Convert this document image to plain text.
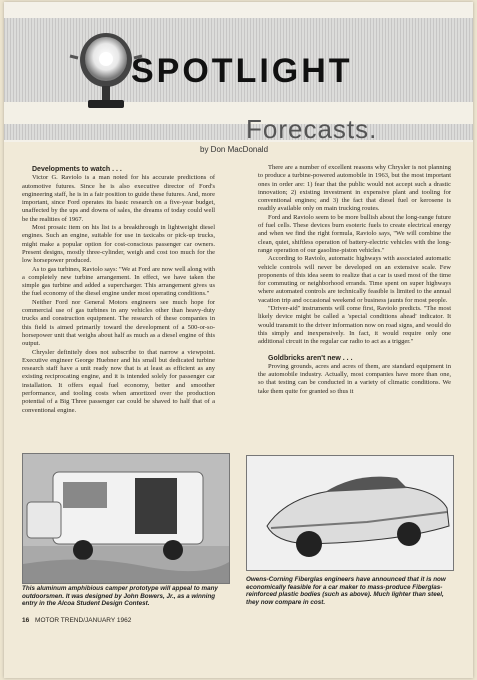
SPOTLIGHT
Forecasts.
by Don MacDonald

Developments to watch . . .

Victor G. Raviolo is a man noted for his accurate predictions of automotive futures. Since he is also executive director of Ford's engineering staff, he is in a fair position to guide these futures. And, more important, since Ford operates its basic research on a five-year budget, unaffected by the ups and downs of sales, the dreams of today could well be the realities of 1967.

Most prosaic item on his list is a breakthrough in lightweight diesel engines. Such an engine, suitable for use in taxicabs or pick-up trucks, might make a popular option for cost-conscious passenger car owners. Present designs, mostly three-cylinder, weigh and cost too much for the low horsepower produced.

As to gas turbines, Raviolo says: "We at Ford are now well along with a completely new turbine arrangement. In effect, we have taken the simple gas turbine and added a supercharger. This arrangement gives us the fuel economy of the diesel engine under most operating conditions."

Neither Ford nor General Motors engineers see much hope for commercial use of gas turbines in any vehicles other than heavy-duty trucks and construction equipment. The research of these companies in this field is aimed primarily toward the development of a 500-or-so-horsepower unit that weighs about half as much as a diesel engine of this output.

Chrysler definitely does not subscribe to that narrow a viewpoint. Executive engineer George Huebner and his small but dedicated turbine research staff have a unit ready now that is at least as efficient as any existing reciprocating engine, and it is intended solely for passenger car installation. It offers equal fuel economy, better and smoother performance, and tooling costs when amortized over the production potential of a Big Three passenger car could be shaved to half that of a conventional engine.

There are a number of excellent reasons why Chrysler is not planning to produce a turbine-powered automobile in 1963, but the most important ones in order are: 1) fear that the public would not accept such a drastic innovation; 2) existing investment in expensive plant and tooling for conventional engines; and 3) the fact that diesel fuel or kerosene is readily available only on main trucking routes.

Ford and Raviolo seem to be more bullish about the long-range future of fuel cells. These devices burn esoteric fuels to create electrical energy and when we find the right formula, Raviolo says, "We will combine the clean, quiet, shiftless operation of battery-electric vehicles with the long-range operation of our gasoline-piston vehicles."

According to Raviolo, automatic highways with associated automatic vehicle controls will never be developed on an extensive scale. Few proponents of this idea seem to realize that a car is used most of the time for commuting or neighborhood errands. Time spent on super highways where automated controls are technically feasible is limited to the annual vacation trip and occasional weekend or business jaunts for most people.

"Driver-aid" instruments will come first, Raviolo predicts. "The most likely device might be called a 'special conditions ahead' indicator. It would transmit to the driver information now on road signs, and would do this simply and inexpensively. In fact, it would require only one additional circuit in the regular car radio to act as a trigger."

Goldbricks aren't new . . .

Proving grounds, acres and acres of them, are standard equipment in the automobile industry. Actually, most companies have more than one, so that testing can be conducted in a variety of climatic conditions. We take them quite for granted so thus it

This aluminum amphibious camper prototype will appeal to many outdoorsmen. It was designed by John Bowers, Jr., as a winning entry in the Alcoa Student Design Contest.
Owens-Corning Fiberglas engineers have announced that it is now economically feasible for a car maker to mass-produce Fiberglas-reinforced plastic bodies (such as above). Much lighter than steel, they now compare in cost.
16 MOTOR TREND/JANUARY 1962
